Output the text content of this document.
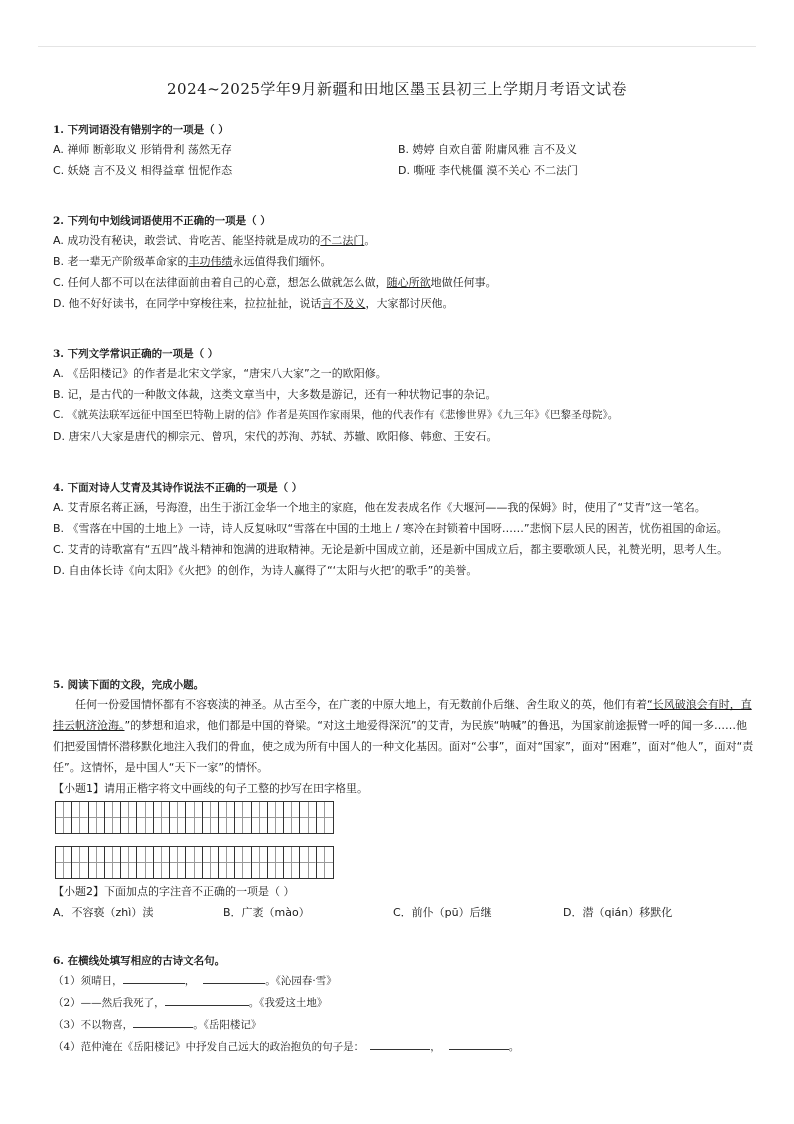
2024~2025学年9月新疆和田地区墨玉县初三上学期月考语文试卷
1. 下列词语没有错别字的一项是（ ）
A. 禅师 断彰取义 形销骨利 荡然无存	B. 娉婷 自欢自蕾 附庸风雅 言不及义
C. 妖娆 言不及义 相得益章 忸怩作态	D. 嘶哑 李代桃僵 漠不关心 不二法门
2. 下列句中划线词语使用不正确的一项是（ ）
A. 成功没有秘诀，敢尝试、肯吃苦、能坚持就是成功的不二法门。
B. 老一辈无产阶级革命家的丰功伟绩永远值得我们缅怀。
C. 任何人都不可以在法律面前由着自己的心意，想怎么做就怎么做，随心所欲地做任何事。
D. 他不好好读书，在同学中穿梭往来，拉拉扯扯，说话言不及义，大家都讨厌他。
3. 下列文学常识正确的一项是（ ）
A. 《岳阳楼记》的作者是北宋文学家，“唐宋八大家”之一的欧阳修。
B. 记，是古代的一种散文体裁，这类文章当中，大多数是游记，还有一种状物记事的杂记。
C. 《就英法联军远征中国至巴特勒上尉的信》作者是英国作家雨果，他的代表作有《悲惨世界》《九三年》《巴黎圣母院》。
D. 唐宋八大家是唐代的柳宗元、曾巩，宋代的苏洵、苏轼、苏辙、欧阳修、韩愈、王安石。
4. 下面对诗人艾青及其诗作说法不正确的一项是（ ）
A. 艾青原名蒋正涵，号海澄，出生于浙江金华一个地主的家庭，他在发表成名作《大堰河——我的保姆》时，使用了“艾青”这一笔名。
B. 《雪落在中国的土地上》一诗，诗人反复咏叹“雪落在中国的土地上 / 寒冷在封锁着中国呀……”悲悯下层人民的困苦，忧伤祖国的命运。
C. 艾青的诗歌富有“五四”战斗精神和饱满的进取精神。无论是新中国成立前，还是新中国成立后，都主要歌颂人民，礼赞光明，思考人生。
D. 自由体长诗《向太阳》《火把》的创作，为诗人赢得了“‘太阳与火把’的歌手”的美誉。
5. 阅读下面的文段，完成小题。
任何一份爱国情怀都有不容亵渎的神圣。从古至今，在广袤的中原大地上，有无数前仆后继、舍生取义的英，他们有着“长风破浪会有时，直挂云帆济沧海。”的梦想和追求，他们都是中国的脊梁。“对这土地爱得深沉”的艾青，为民族“呐喊”的鲁迅，为国家前途振臂一呼的闻一多……他们把爱国情怀潜移默化地注入我们的骨血，使之成为所有中国人的一种文化基因。面对“公事”，面对“国家”，面对“困难”，面对“他人”，面对“责任”。这情怀，是中国人“天下一家”的情怀。
【小题1】请用正楷字将文中画线的句子工整的抄写在田字格里。
【小题2】下面加点的字注音不正确的一项是（ ）
A．不容亵（zhì）渎	B．广袤（mào）	C．前仆（pū）后继	D．潜（qián）移默化
6. 在横线处填写相应的古诗文名句。
（1）须晴日，	，	。《沁园春·雪》
（2）——然后我死了，	。《我爱这土地》
（3）不以物喜，	。《岳阳楼记》
（4）范仲淹在《岳阳楼记》中抒发自己远大的政治抱负的句子是：	，	。
